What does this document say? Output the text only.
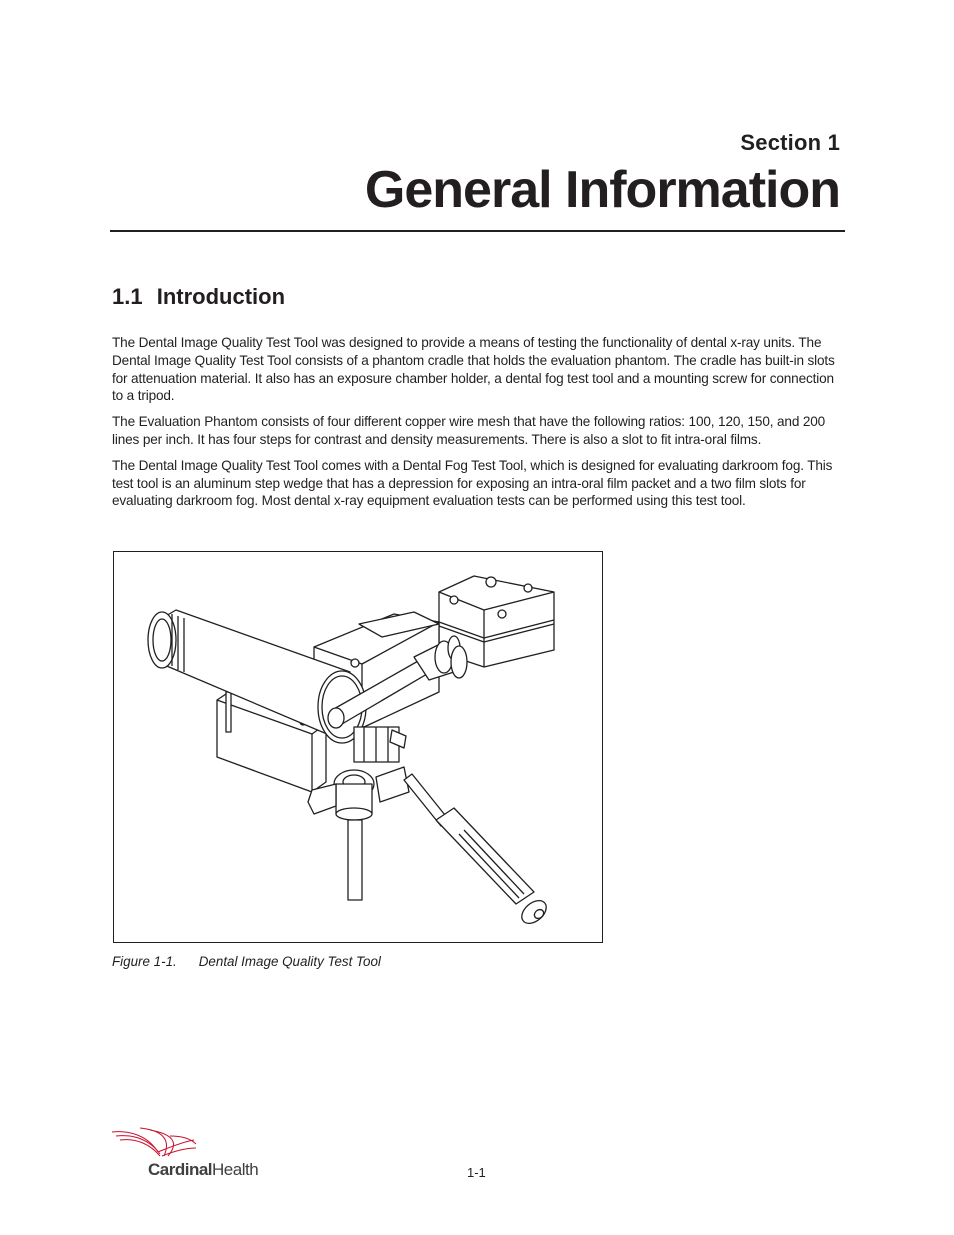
Section 1
General Information
1.1 Introduction

The Dental Image Quality Test Tool was designed to provide a means of testing the functionality of dental x-ray units. The Dental Image Quality Test Tool consists of a phantom cradle that holds the evaluation phantom. The cradle has built-in slots for attenuation material. It also has an exposure chamber holder, a dental fog test tool and a mounting screw for connection to a tripod.

The Evaluation Phantom consists of four different copper wire mesh that have the following ratios: 100, 120, 150, and 200 lines per inch. It has four steps for contrast and density measurements. There is also a slot to fit intra-oral films.

The Dental Image Quality Test Tool comes with a Dental Fog Test Tool, which is designed for evaluating darkroom fog. This test tool is an aluminum step wedge that has a depression for exposing an intra-oral film packet and a two film slots for evaluating darkroom fog. Most dental x-ray equipment evaluation tests can be performed using this test tool.

Figure 1-1. Dental Image Quality Test Tool
CardinalHealth	1-1
